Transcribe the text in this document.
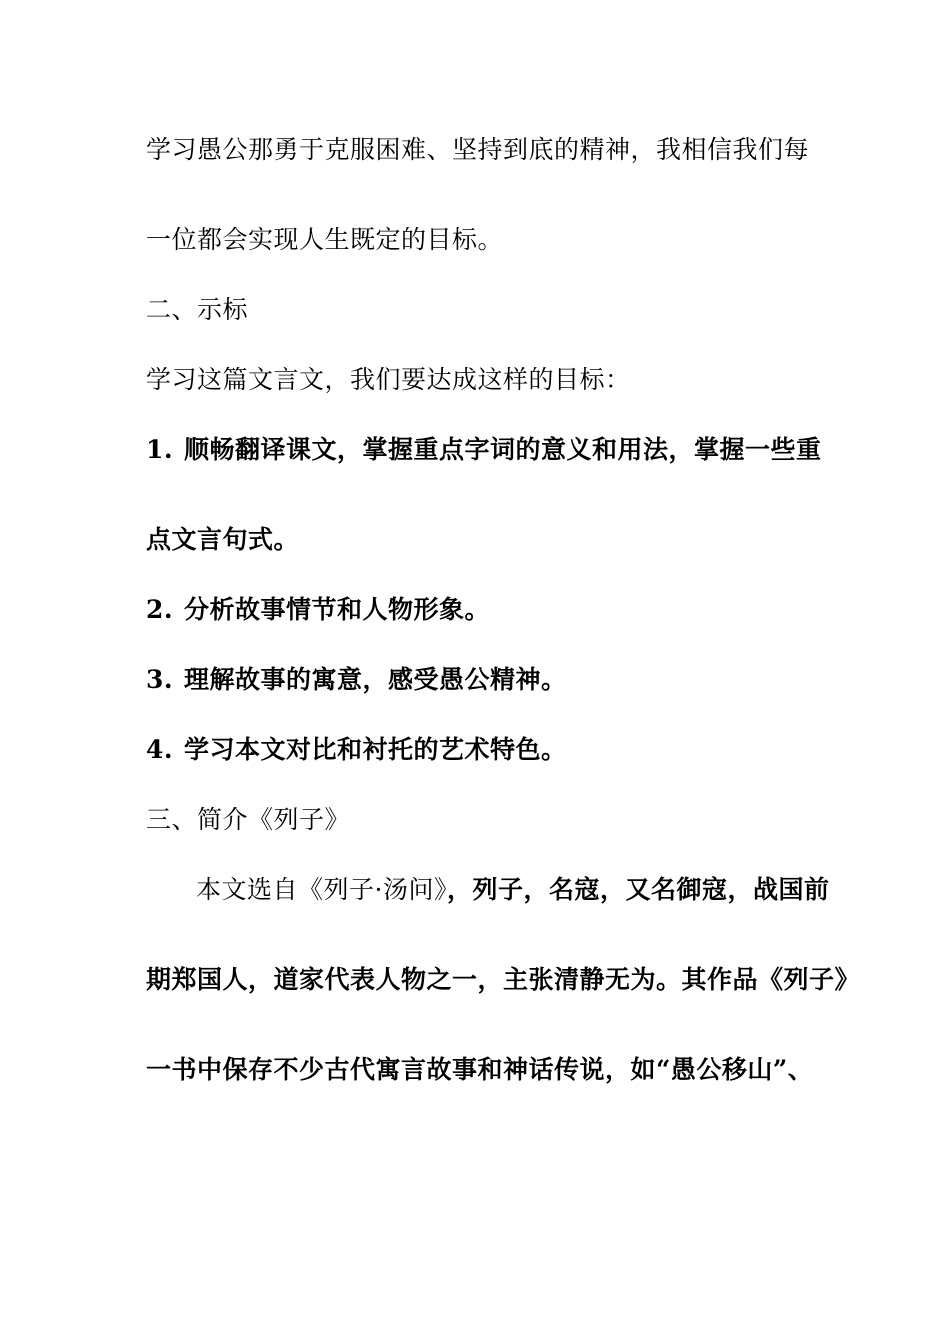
学习愚公那勇于克服困难、坚持到底的精神，我相信我们每
一位都会实现人生既定的目标。
二、示标
学习这篇文言文，我们要达成这样的目标：
1. 顺畅翻译课文，掌握重点字词的意义和用法，掌握一些重
点文言句式。
2. 分析故事情节和人物形象。
3. 理解故事的寓意，感受愚公精神。
4. 学习本文对比和衬托的艺术特色。
三、简介《列子》
本文选自《列子·汤问》，列子，名寇，又名御寇，战国前
期郑国人，道家代表人物之一，主张清静无为。其作品《列子》
一书中保存不少古代寓言故事和神话传说，如“愚公移山”、
